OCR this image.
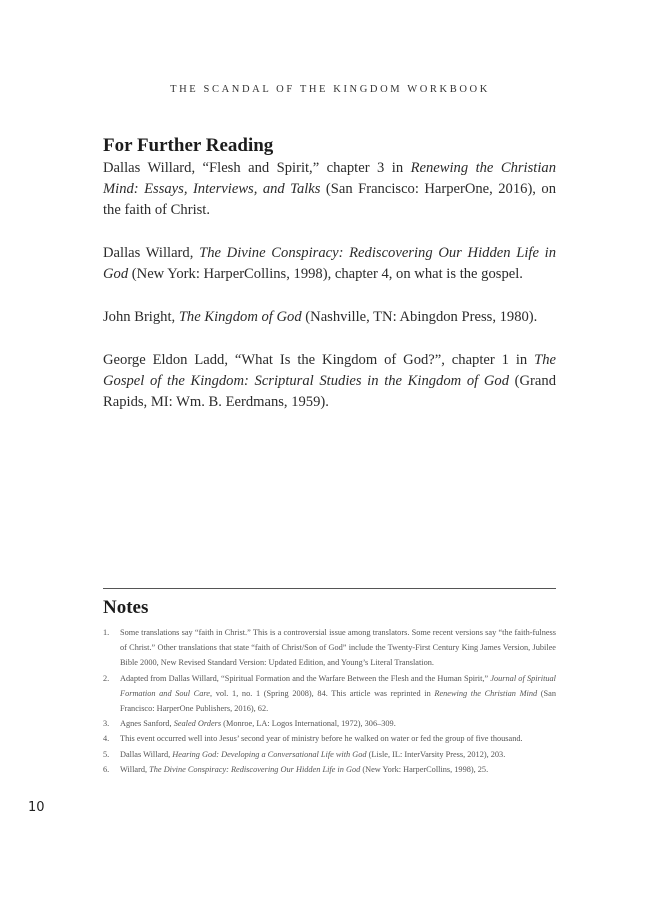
THE SCANDAL OF THE KINGDOM WORKBOOK
For Further Reading

Dallas Willard, “Flesh and Spirit,” chapter 3 in Renewing the Christian Mind: Essays, Interviews, and Talks (San Francisco: HarperOne, 2016), on the faith of Christ.

Dallas Willard, The Divine Conspiracy: Rediscovering Our Hidden Life in God (New York: HarperCollins, 1998), chapter 4, on what is the gospel.

John Bright, The Kingdom of God (Nashville, TN: Abingdon Press, 1980).

George Eldon Ladd, “What Is the Kingdom of God?”, chapter 1 in The Gospel of the Kingdom: Scriptural Studies in the Kingdom of God (Grand Rapids, MI: Wm. B. Eerdmans, 1959).

Notes
1. Some translations say “faith in Christ.” This is a controversial issue among translators. Some recent versions say “the faith-fulness of Christ.” Other translations that state “faith of Christ/Son of God” include the Twenty-First Century King James Version, Jubilee Bible 2000, New Revised Standard Version: Updated Edition, and Young’s Literal Translation.
2. Adapted from Dallas Willard, “Spiritual Formation and the Warfare Between the Flesh and the Human Spirit,” Journal of Spiritual Formation and Soul Care, vol. 1, no. 1 (Spring 2008), 84. This article was reprinted in Renewing the Christian Mind (San Francisco: HarperOne Publishers, 2016), 62.
3. Agnes Sanford, Sealed Orders (Monroe, LA: Logos International, 1972), 306–309.
4. This event occurred well into Jesus’ second year of ministry before he walked on water or fed the group of five thousand.
5. Dallas Willard, Hearing God: Developing a Conversational Life with God (Lisle, IL: InterVarsity Press, 2012), 203.
6. Willard, The Divine Conspiracy: Rediscovering Our Hidden Life in God (New York: HarperCollins, 1998), 25.
10
